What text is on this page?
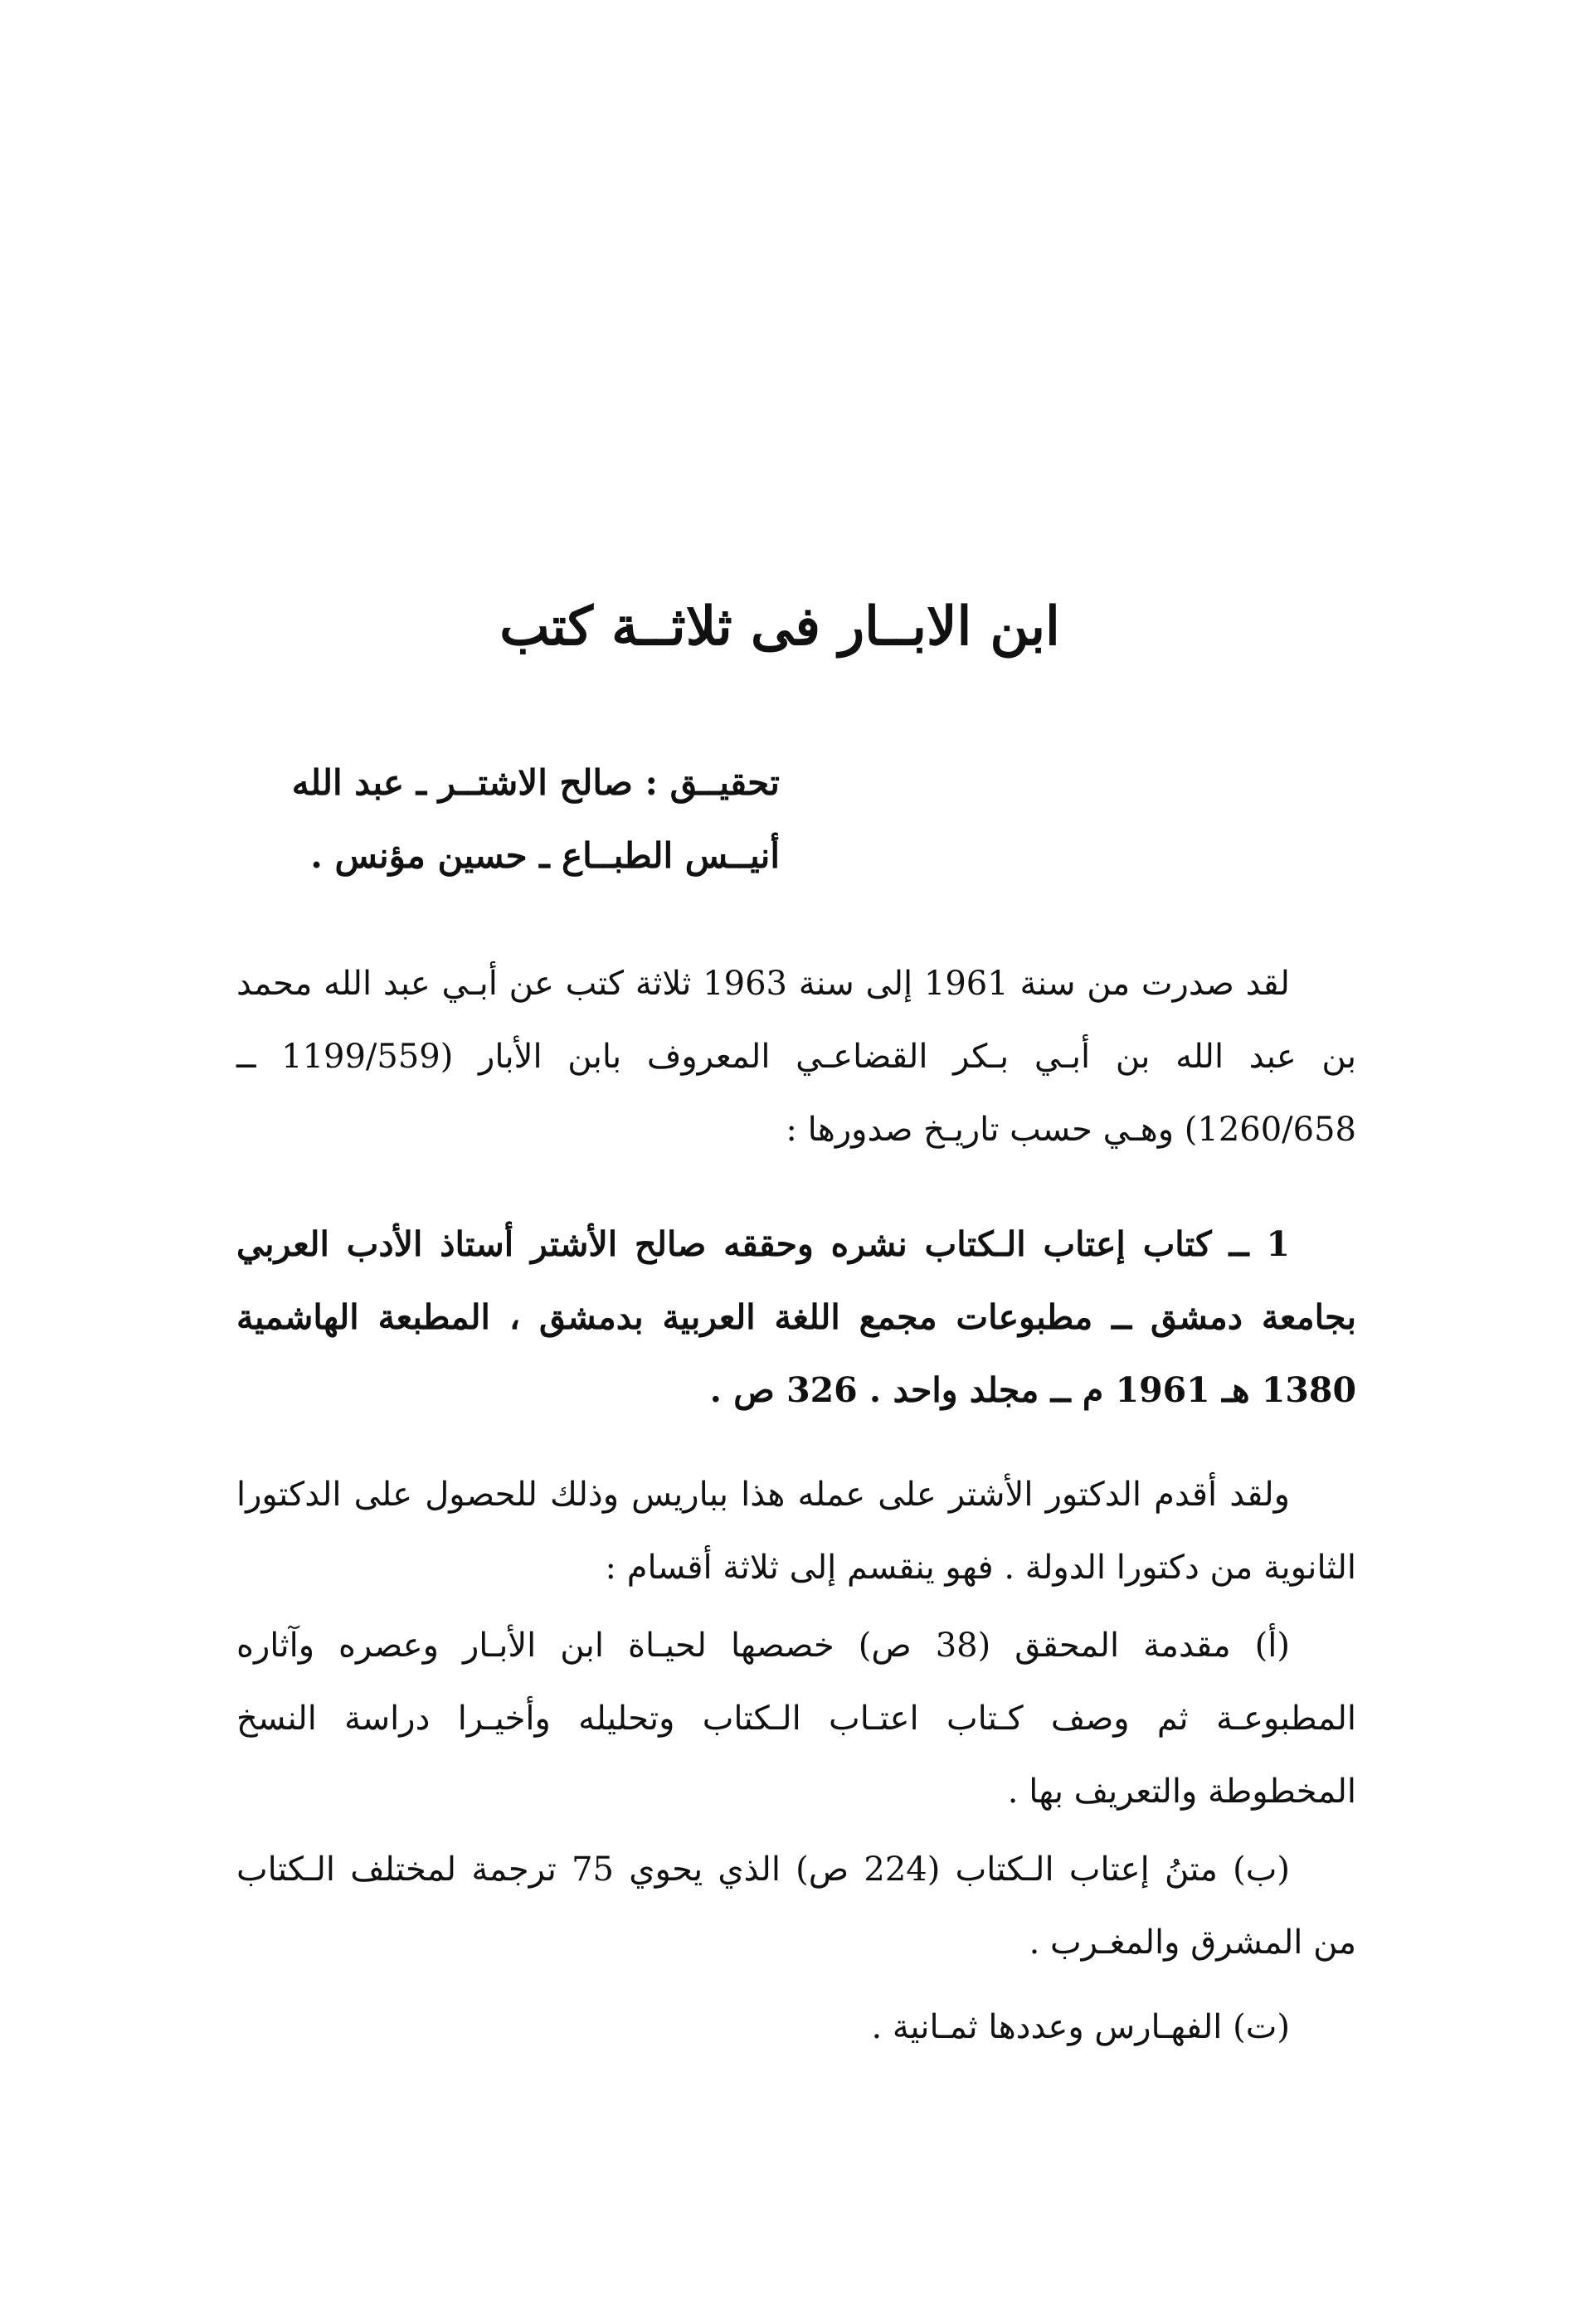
ابن الابــار فى ثلاثــة كتب
تحقيــق : صالح الاشتــر ـ عبد الله
أنيــس الطبــاع ـ حسين مؤنس .

لقد صدرت من سنة 1961 إلى سنة 1963 ثلاثة كتب عن أبـي عبد الله محمد بن عبد الله بن أبـي بـكر القضاعـي المعروف بابن الأبار (1199/559 ــ 1260/658) وهـي حسب تاريـخ صدورها :

1 ــ كتاب إعتاب الـكتاب نشره وحققه صالح الأشتر أستاذ الأدب العربي بجامعة دمشق ــ مطبوعات مجمع اللغة العربية بدمشق ، المطبعة الهاشمية 1380 هـ 1961 م ــ مجلد واحد . 326 ص .

ولقد أقدم الدكتور الأشتر على عمله هذا بباريس وذلك للحصول على الدكتورا الثانوية من دكتورا الدولة . فهو ينقسم إلى ثلاثة أقسام :

(أ) مقدمة المحقق (38 ص) خصصها لحيـاة ابن الأبـار وعصره وآثاره المطبوعـة ثم وصف كـتاب اعتـاب الـكتاب وتحليله وأخيـرا دراسة النسخ المخطوطة والتعريف بها .

(ب) متنُ إعتاب الـكتاب (224 ص) الذي يحوي 75 ترجمة لمختلف الـكتاب من المشرق والمغـرب .

(ت) الفهـارس وعددها ثمـانية .
